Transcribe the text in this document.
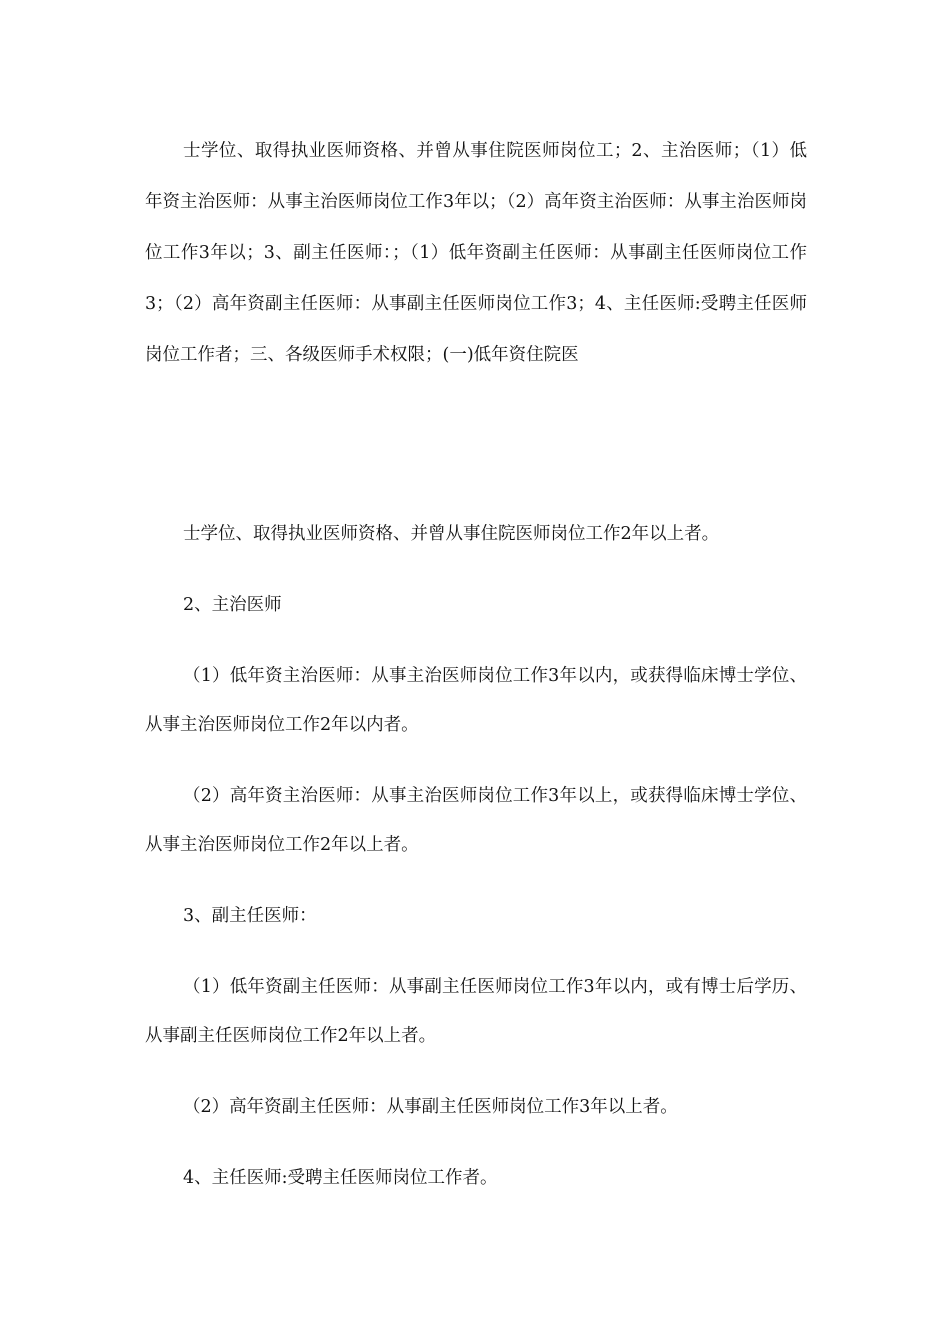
士学位、取得执业医师资格、并曾从事住院医师岗位工；2、主治医师；（1）低年资主治医师：从事主治医师岗位工作3年以；（2）高年资主治医师：从事主治医师岗位工作3年以；3、副主任医师：；（1）低年资副主任医师：从事副主任医师岗位工作3；（2）高年资副主任医师：从事副主任医师岗位工作3；4、主任医师:受聘主任医师岗位工作者；三、各级医师手术权限；(一)低年资住院医

士学位、取得执业医师资格、并曾从事住院医师岗位工作2年以上者。

2、主治医师

（1）低年资主治医师：从事主治医师岗位工作3年以内，或获得临床博士学位、从事主治医师岗位工作2年以内者。

（2）高年资主治医师：从事主治医师岗位工作3年以上，或获得临床博士学位、从事主治医师岗位工作2年以上者。

3、副主任医师：

（1）低年资副主任医师：从事副主任医师岗位工作3年以内，或有博士后学历、从事副主任医师岗位工作2年以上者。

（2）高年资副主任医师：从事副主任医师岗位工作3年以上者。

4、主任医师:受聘主任医师岗位工作者。
